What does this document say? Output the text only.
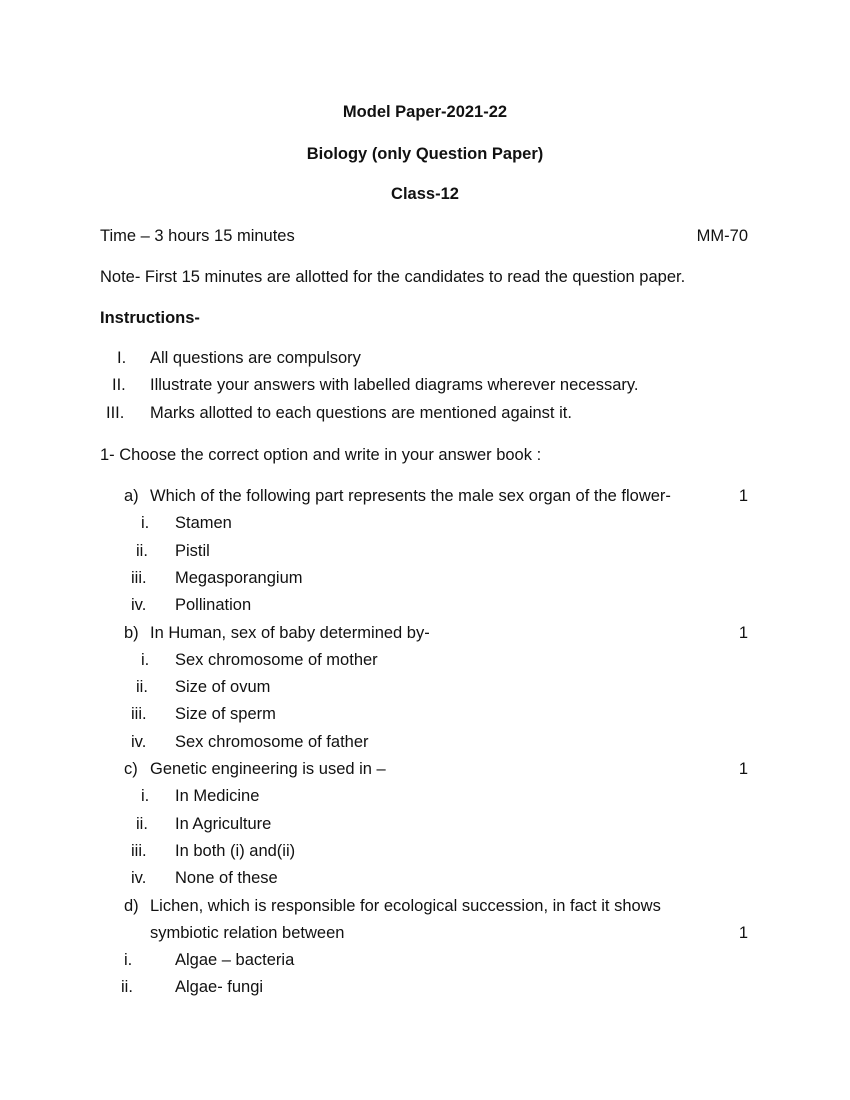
Model Paper-2021-22
Biology (only Question Paper)
Class-12
Time – 3 hours 15 minutes	MM-70
Note- First 15 minutes are allotted for the candidates to read the question paper.
Instructions-
1- Choose the correct option and write in your answer book :
I. All questions are compulsory
II. Illustrate your answers with labelled diagrams wherever necessary.
III. Marks allotted to each questions are mentioned against it.
a) Which of the following part represents the male sex organ of the flower-	1
i. Stamen
ii. Pistil
iii. Megasporangium
iv. Pollination
b) In Human, sex of baby determined by-	1
i. Sex chromosome of mother
ii. Size of ovum
iii. Size of sperm
iv. Sex chromosome of father
c) Genetic engineering is used in –	1
i. In Medicine
ii. In Agriculture
iii. In both (i) and(ii)
iv. None of these
d) Lichen, which is responsible for ecological succession, in fact it shows
symbiotic relation between	1
i.	Algae – bacteria
ii.	Algae- fungi
